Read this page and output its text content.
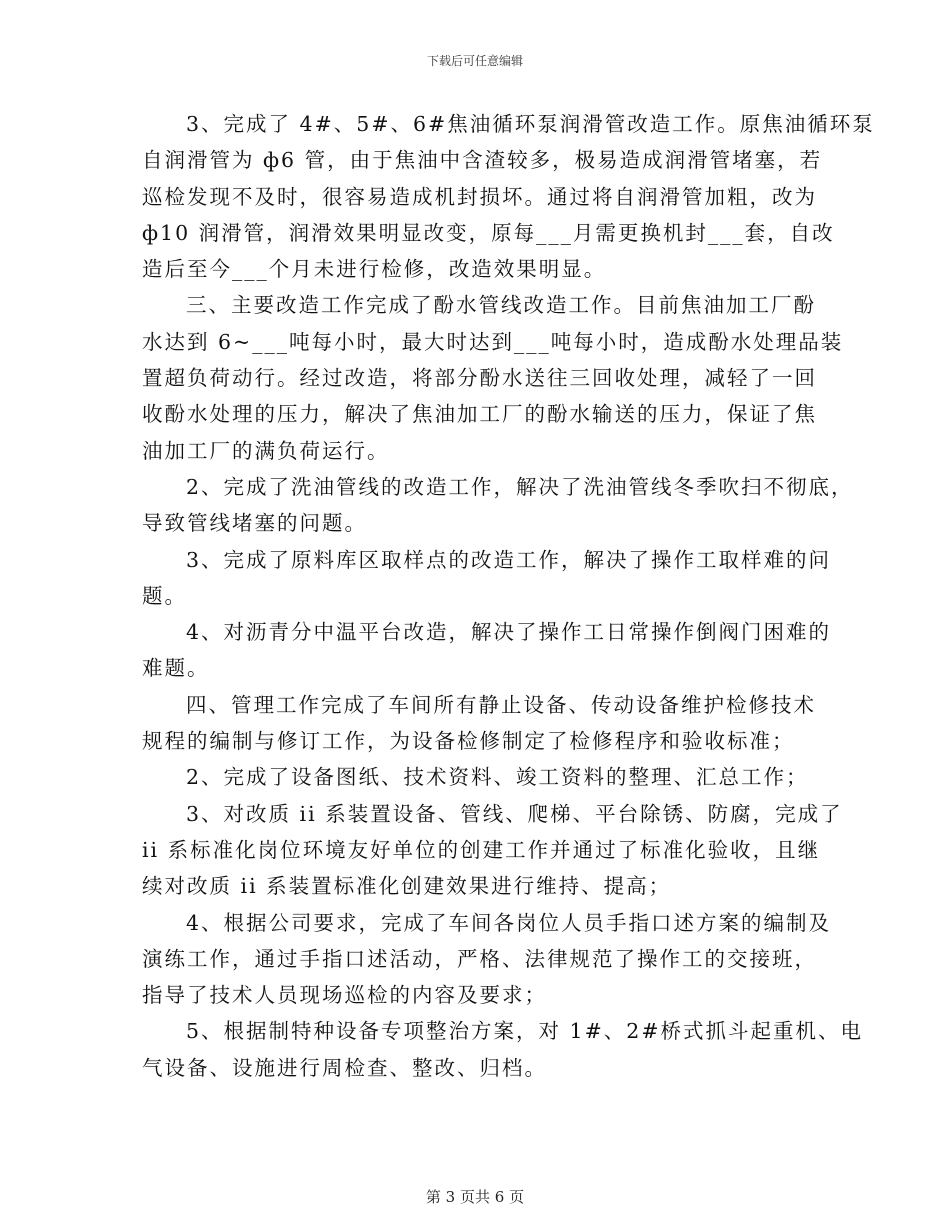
下载后可任意编辑
3、完成了 4#、5#、6#焦油循环泵润滑管改造工作。原焦油循环泵
自润滑管为 ф6 管，由于焦油中含渣较多，极易造成润滑管堵塞，若
巡检发现不及时，很容易造成机封损坏。通过将自润滑管加粗，改为
ф10 润滑管，润滑效果明显改变，原每___月需更换机封___套，自改
造后至今___个月未进行检修，改造效果明显。
三、主要改造工作完成了酚水管线改造工作。目前焦油加工厂酚
水达到 6~___吨每小时，最大时达到___吨每小时，造成酚水处理品装
置超负荷动行。经过改造，将部分酚水送往三回收处理，减轻了一回
收酚水处理的压力，解决了焦油加工厂的酚水输送的压力，保证了焦
油加工厂的满负荷运行。
2、完成了洗油管线的改造工作，解决了洗油管线冬季吹扫不彻底，
导致管线堵塞的问题。
3、完成了原料库区取样点的改造工作，解决了操作工取样难的问
题。
4、对沥青分中温平台改造，解决了操作工日常操作倒阀门困难的
难题。
四、管理工作完成了车间所有静止设备、传动设备维护检修技术
规程的编制与修订工作，为设备检修制定了检修程序和验收标准；
2、完成了设备图纸、技术资料、竣工资料的整理、汇总工作；
3、对改质 ii 系装置设备、管线、爬梯、平台除锈、防腐，完成了
ii 系标准化岗位环境友好单位的创建工作并通过了标准化验收，且继
续对改质 ii 系装置标准化创建效果进行维持、提高；
4、根据公司要求，完成了车间各岗位人员手指口述方案的编制及
演练工作，通过手指口述活动，严格、法律规范了操作工的交接班，
指导了技术人员现场巡检的内容及要求；
5、根据制特种设备专项整治方案，对 1#、2#桥式抓斗起重机、电
气设备、设施进行周检查、整改、归档。
第 3 页共 6 页
